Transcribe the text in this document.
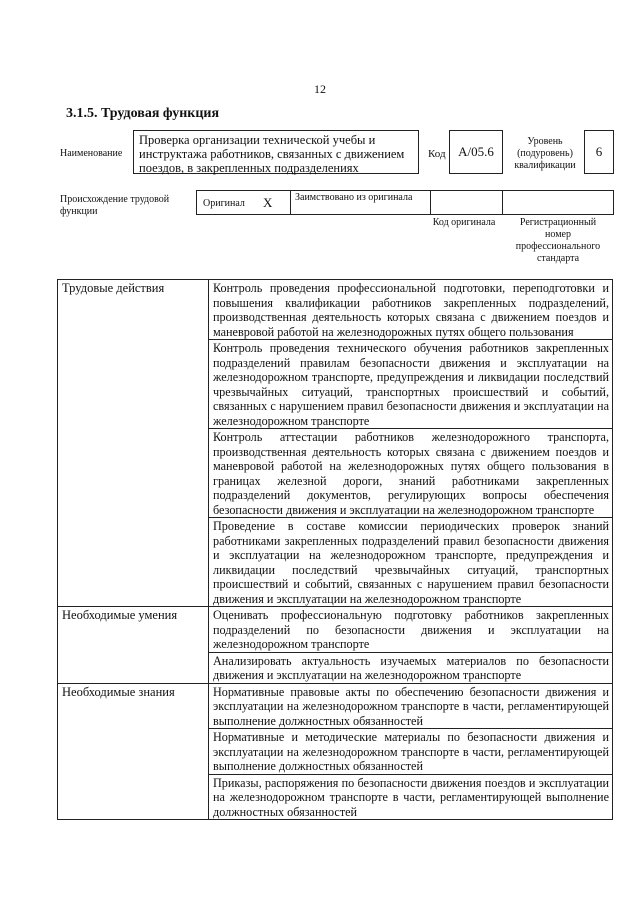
12
3.1.5. Трудовая функция
Наименование
Проверка организации технической учебы и инструктажа работников, связанных с движением поездов, в закрепленных подразделениях
Код А/05.6
Уровень (подуровень) квалификации
6
Происхождение трудовой функции
Оригинал Х Заимствовано из оригинала
Код оригинала	Регистрационный номер профессионального стандарта
Трудовые действия	Контроль проведения профессиональной подготовки, переподготовки и повышения квалификации работников закрепленных подразделений, производственная деятельность которых связана с движением поездов и маневровой работой на железнодорожных путях общего пользования
	Контроль проведения технического обучения работников закрепленных подразделений правилам безопасности движения и эксплуатации на железнодорожном транспорте, предупреждения и ликвидации последствий чрезвычайных ситуаций, транспортных происшествий и событий, связанных с нарушением правил безопасности движения и эксплуатации на железнодорожном транспорте
	Контроль аттестации работников железнодорожного транспорта, производственная деятельность которых связана с движением поездов и маневровой работой на железнодорожных путях общего пользования в границах железной дороги, знаний работниками закрепленных подразделений документов, регулирующих вопросы обеспечения безопасности движения и эксплуатации на железнодорожном транспорте
	Проведение в составе комиссии периодических проверок знаний работниками закрепленных подразделений правил безопасности движения и эксплуатации на железнодорожном транспорте, предупреждения и ликвидации последствий чрезвычайных ситуаций, транспортных происшествий и событий, связанных с нарушением правил безопасности движения и эксплуатации на железнодорожном транспорте
Необходимые умения	Оценивать профессиональную подготовку работников закрепленных подразделений по безопасности движения и эксплуатации на железнодорожном транспорте
	Анализировать актуальность изучаемых материалов по безопасности движения и эксплуатации на железнодорожном транспорте
Необходимые знания	Нормативные правовые акты по обеспечению безопасности движения и эксплуатации на железнодорожном транспорте в части, регламентирующей выполнение должностных обязанностей
	Нормативные и методические материалы по безопасности движения и эксплуатации на железнодорожном транспорте в части, регламентирующей выполнение должностных обязанностей
	Приказы, распоряжения по безопасности движения поездов и эксплуатации на железнодорожном транспорте в части, регламентирующей выполнение должностных обязанностей
